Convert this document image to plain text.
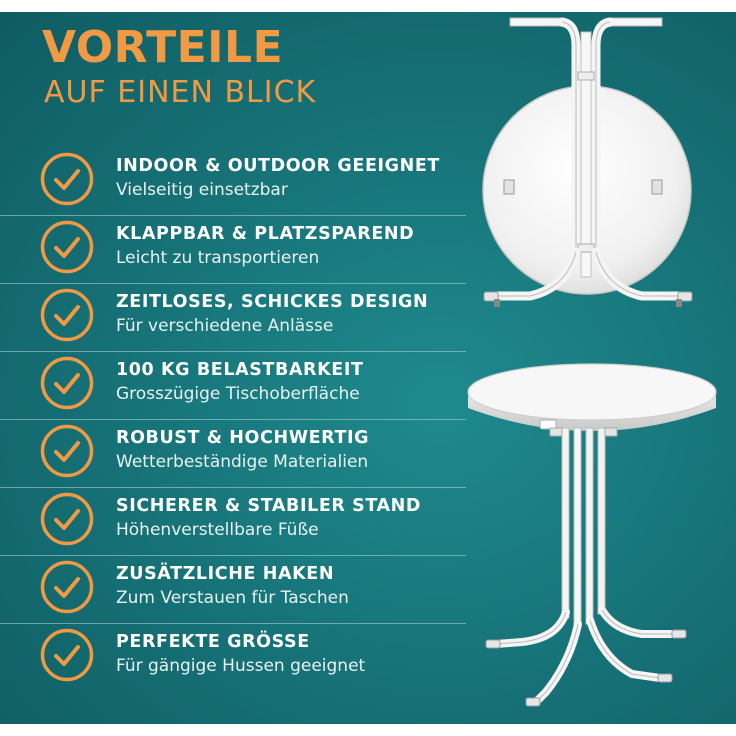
VORTEILE
AUF EINEN BLICK
INDOOR & OUTDOOR GEEIGNET
Vielseitig einsetzbar
KLAPPBAR & PLATZSPAREND
Leicht zu transportieren
ZEITLOSES, SCHICKES DESIGN
Für verschiedene Anlässe
100 KG BELASTBARKEIT
Grosszügige Tischoberfläche
ROBUST & HOCHWERTIG
Wetterbeständige Materialien
SICHERER & STABILER STAND
Höhenverstellbare Füße
ZUSÄTZLICHE HAKEN
Zum Verstauen für Taschen
PERFEKTE GRÖSSE
Für gängige Hussen geeignet
